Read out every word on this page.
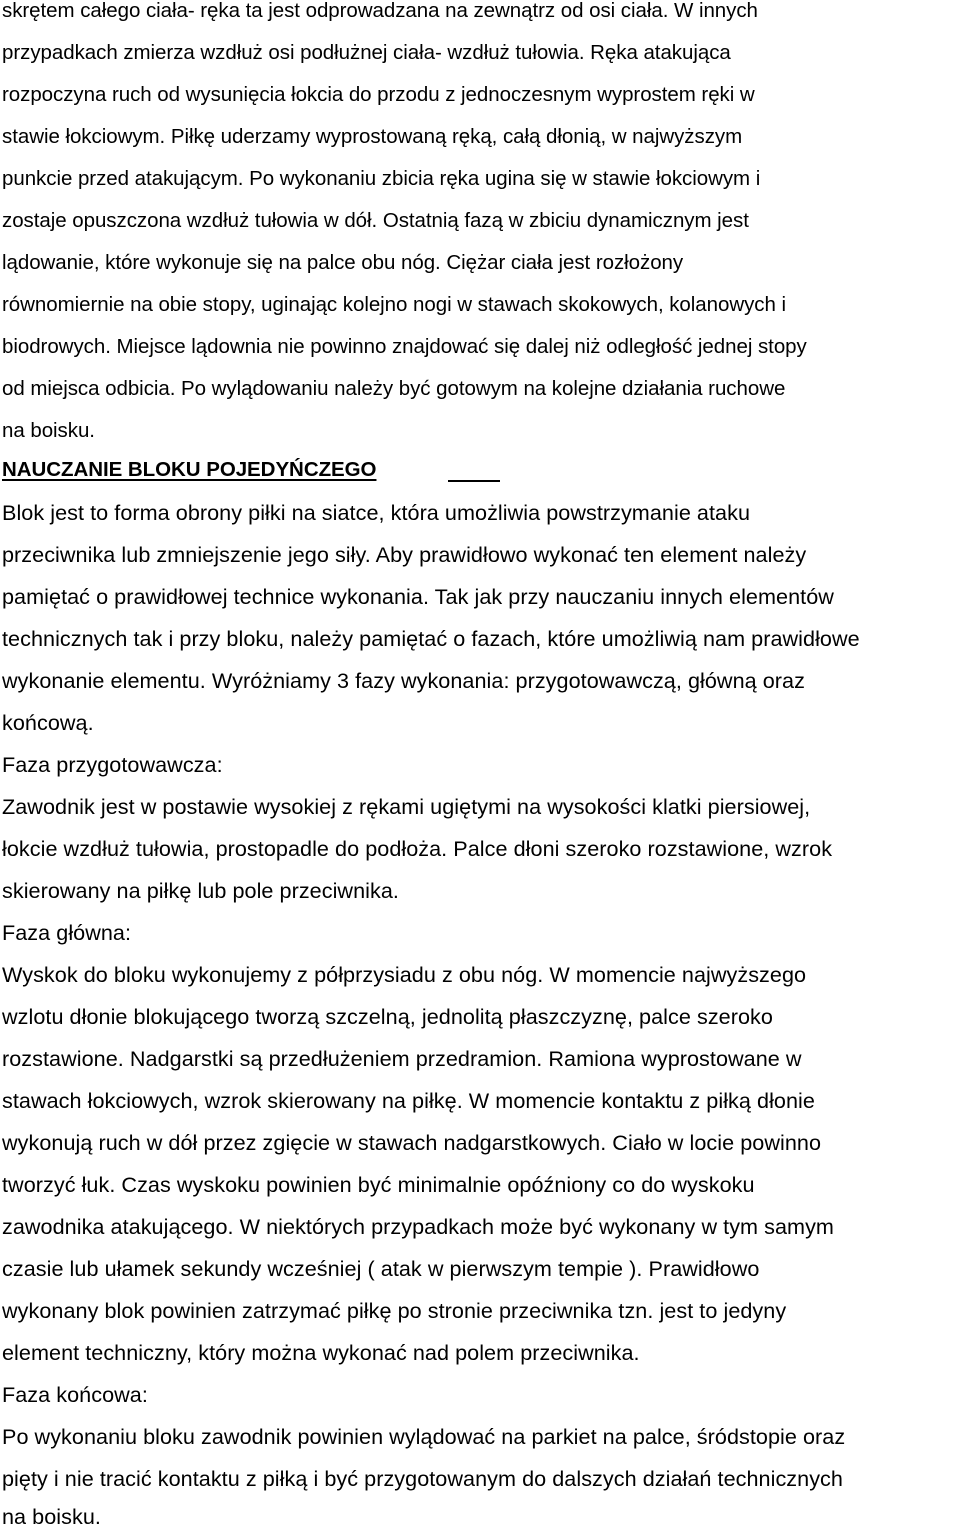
skrętem całego ciała- ręka ta jest odprowadzana na zewnątrz od osi ciała. W innych
przypadkach zmierza wzdłuż osi podłużnej ciała- wzdłuż tułowia. Ręka atakująca
rozpoczyna ruch od wysunięcia łokcia do przodu z jednoczesnym wyprostem ręki w
stawie łokciowym. Piłkę uderzamy wyprostowaną ręką, całą dłonią, w najwyższym
punkcie przed atakującym. Po wykonaniu zbicia ręka ugina się w stawie łokciowym i
zostaje opuszczona wzdłuż tułowia w dół. Ostatnią fazą w zbiciu dynamicznym jest
lądowanie, które wykonuje się na palce obu nóg. Ciężar ciała jest rozłożony
równomiernie na obie stopy, uginając kolejno nogi w stawach skokowych, kolanowych i
biodrowych. Miejsce lądownia nie powinno znajdować się dalej niż odległość jednej stopy
od miejsca odbicia. Po wylądowaniu należy być gotowym na kolejne działania ruchowe
na boisku.
NAUCZANIE BLOKU POJEDYŃCZEGO
Blok jest to forma obrony piłki na siatce, która umożliwia powstrzymanie ataku
przeciwnika lub zmniejszenie jego siły. Aby prawidłowo wykonać ten element należy
pamiętać o prawidłowej technice wykonania. Tak jak przy nauczaniu innych elementów
technicznych tak i przy bloku, należy pamiętać o fazach, które umożliwią nam prawidłowe
wykonanie elementu. Wyróżniamy 3 fazy wykonania: przygotowawczą, główną oraz
końcową.
Faza przygotowawcza:
Zawodnik jest w postawie wysokiej z rękami ugiętymi na wysokości klatki piersiowej,
łokcie wzdłuż tułowia, prostopadle do podłoża. Palce dłoni szeroko rozstawione, wzrok
skierowany na piłkę lub pole przeciwnika.
Faza główna:
Wyskok do bloku wykonujemy z półprzysiadu z obu nóg. W momencie najwyższego
wzlotu dłonie blokującego tworzą szczelną, jednolitą płaszczyznę, palce szeroko
rozstawione. Nadgarstki są przedłużeniem przedramion. Ramiona wyprostowane w
stawach łokciowych, wzrok skierowany na piłkę. W momencie kontaktu z piłką dłonie
wykonują ruch w dół przez zgięcie w stawach nadgarstkowych. Ciało w locie powinno
tworzyć łuk. Czas wyskoku powinien być minimalnie opóźniony co do wyskoku
zawodnika atakującego. W niektórych przypadkach może być wykonany w tym samym
czasie lub ułamek sekundy wcześniej ( atak w pierwszym tempie ). Prawidłowo
wykonany blok powinien zatrzymać piłkę po stronie przeciwnika tzn. jest to jedyny
element techniczny, który można wykonać nad polem przeciwnika.
Faza końcowa:
Po wykonaniu bloku zawodnik powinien wylądować na parkiet na palce, śródstopie oraz
pięty i nie tracić kontaktu z piłką i być przygotowanym do dalszych działań technicznych
na boisku.
